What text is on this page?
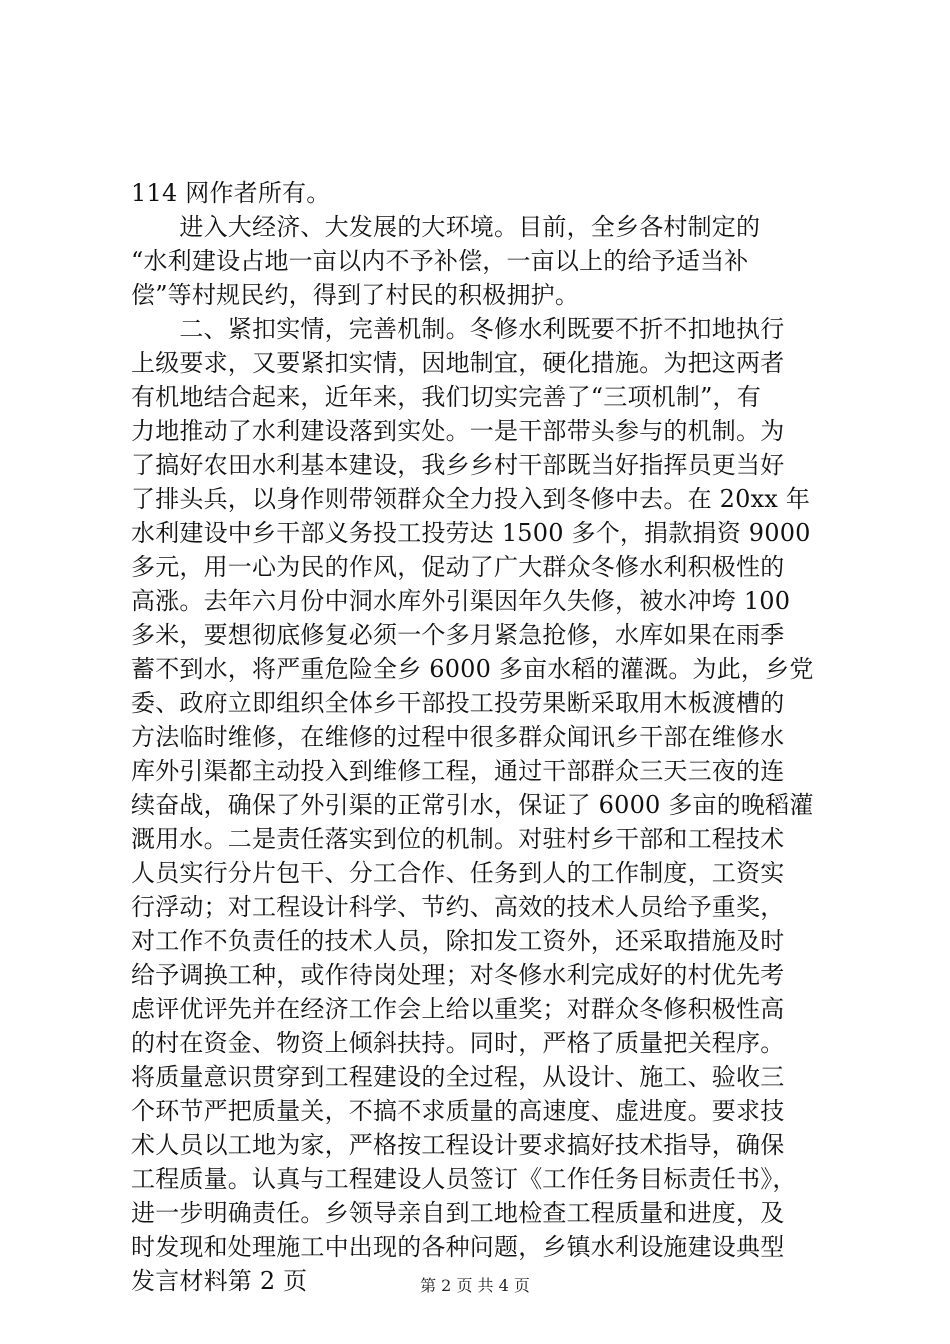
114 网作者所有。
　　进入大经济、大发展的大环境。目前，全乡各村制定的
“水利建设占地一亩以内不予补偿，一亩以上的给予适当补
偿”等村规民约，得到了村民的积极拥护。
　　二、紧扣实情，完善机制。冬修水利既要不折不扣地执行
上级要求，又要紧扣实情，因地制宜，硬化措施。为把这两者
有机地结合起来，近年来，我们切实完善了“三项机制”，有
力地推动了水利建设落到实处。一是干部带头参与的机制。为
了搞好农田水利基本建设，我乡乡村干部既当好指挥员更当好
了排头兵，以身作则带领群众全力投入到冬修中去。在 20xx 年
水利建设中乡干部义务投工投劳达 1500 多个，捐款捐资 9000
多元，用一心为民的作风，促动了广大群众冬修水利积极性的
高涨。去年六月份中洞水库外引渠因年久失修，被水冲垮 100
多米，要想彻底修复必须一个多月紧急抢修，水库如果在雨季
蓄不到水，将严重危险全乡 6000 多亩水稻的灌溉。为此，乡党
委、政府立即组织全体乡干部投工投劳果断采取用木板渡槽的
方法临时维修，在维修的过程中很多群众闻讯乡干部在维修水
库外引渠都主动投入到维修工程，通过干部群众三天三夜的连
续奋战，确保了外引渠的正常引水，保证了 6000 多亩的晚稻灌
溉用水。二是责任落实到位的机制。对驻村乡干部和工程技术
人员实行分片包干、分工合作、任务到人的工作制度，工资实
行浮动；对工程设计科学、节约、高效的技术人员给予重奖，
对工作不负责任的技术人员，除扣发工资外，还采取措施及时
给予调换工种，或作待岗处理；对冬修水利完成好的村优先考
虑评优评先并在经济工作会上给以重奖；对群众冬修积极性高
的村在资金、物资上倾斜扶持。同时，严格了质量把关程序。
将质量意识贯穿到工程建设的全过程，从设计、施工、验收三
个环节严把质量关，不搞不求质量的高速度、虚进度。要求技
术人员以工地为家，严格按工程设计要求搞好技术指导，确保
工程质量。认真与工程建设人员签订《工作任务目标责任书》，
进一步明确责任。乡领导亲自到工地检查工程质量和进度，及
时发现和处理施工中出现的各种问题，乡镇水利设施建设典型
发言材料第 2 页	第 2 页 共 4 页
